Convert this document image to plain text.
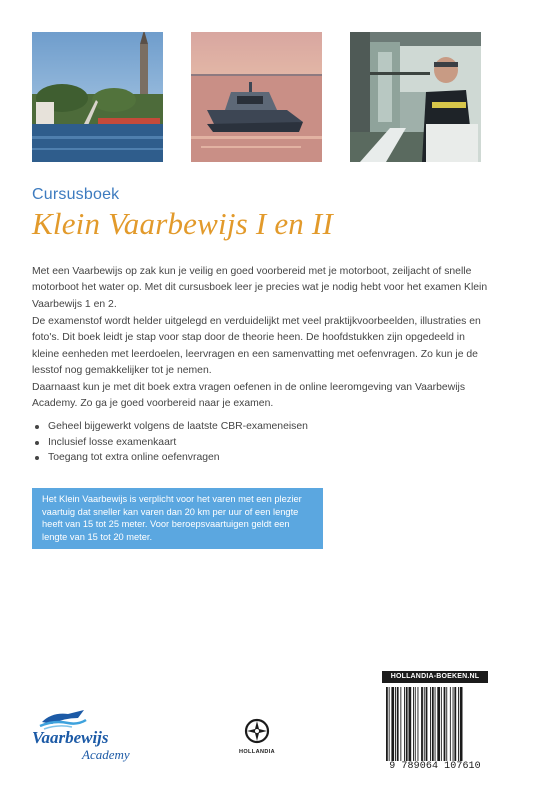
Cursusboek
Klein Vaarbewijs I en II
Met een Vaarbewijs op zak kun je veilig en goed voorbereid met je motorboot, zeiljacht of snelle motorboot het water op. Met dit cursusboek leer je precies wat je nodig hebt voor het examen Klein Vaarbewijs 1 en 2.
De examenstof wordt helder uitgelegd en verduidelijkt met veel praktijkvoorbeelden, illustraties en foto's. Dit boek leidt je stap voor stap door de theorie heen. De hoofdstukken zijn opgedeeld in kleine eenheden met leerdoelen, leervragen en een samenvatting met oefenvragen. Zo kun je de lesstof nog gemakkelijker tot je nemen.
Daarnaast kun je met dit boek extra vragen oefenen in de online leeromgeving van Vaarbewijs Academy. Zo ga je goed voorbereid naar je examen.
Geheel bijgewerkt volgens de laatste CBR-exameneisen
Inclusief losse examenkaart
Toegang tot extra online oefenvragen
Het Klein Vaarbewijs is verplicht voor het varen met een plezier vaartuig dat sneller kan varen dan 20 km per uur of een lengte heeft van 15 tot 25 meter. Voor beroepsvaartuigen geldt een lengte van 15 tot 20 meter.
HOLLANDIA-BOEKEN.NL
9 789064 107610
Vaarbewijs
Academy	HOLLANDIA
